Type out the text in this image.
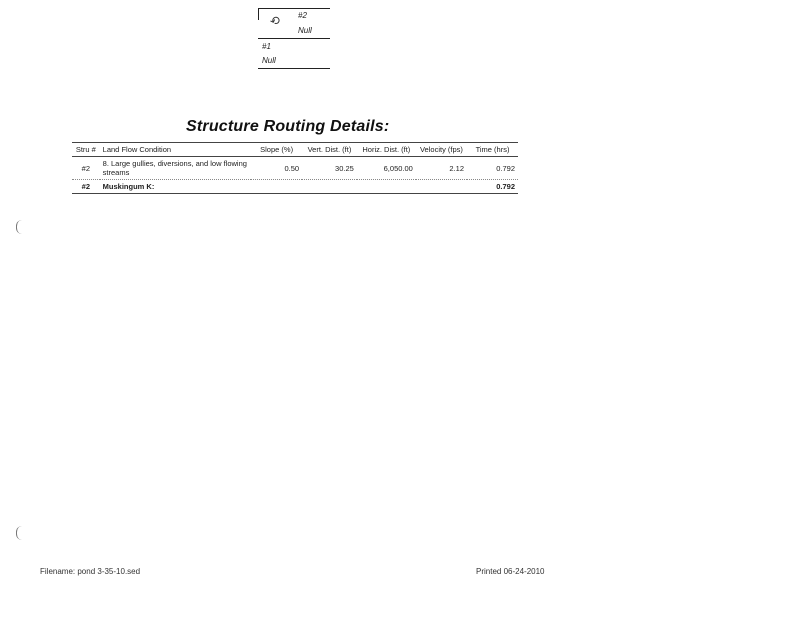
⟲ #2
Null
#1
Null
Structure Routing Details:
Stru #	Land Flow Condition	Slope (%)	Vert. Dist. (ft)	Horiz. Dist. (ft)	Velocity (fps)	Time (hrs)
#2	8. Large gullies, diversions, and low flowing streams	0.50	30.25	6,050.00	2.12	0.792
#2	Muskingum K:					0.792
Filename: pond 3-35-10.sed	Printed 06-24-2010
